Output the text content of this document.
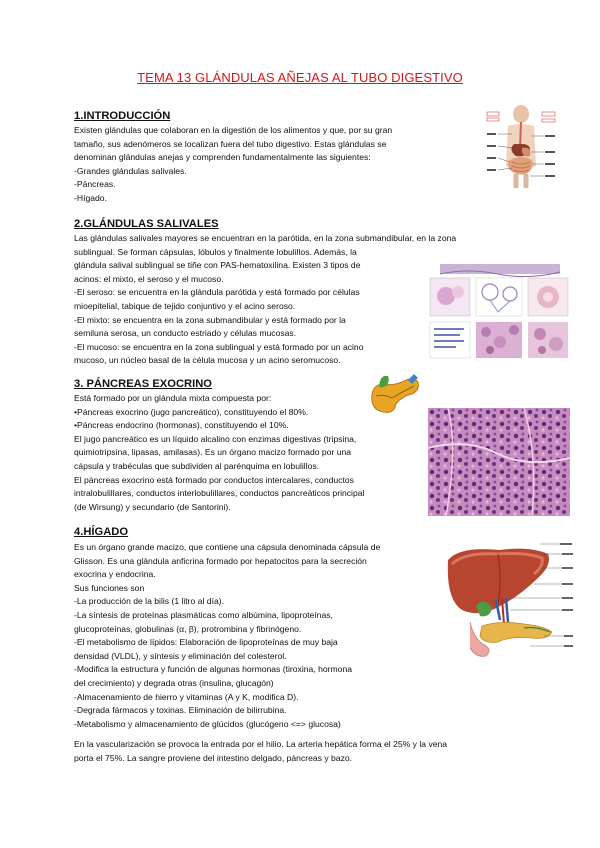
TEMA 13 GLÁNDULAS AÑEJAS AL TUBO DIGESTIVO
1.INTRODUCCIÓN
Existen glándulas que colaboran en la digestión de los alimentos y que, por su gran
tamaño, sus adenómeros se localizan fuera del tubo digestivo. Estas glándulas se
denominan glándulas anejas y comprenden fundamentalmente las siguientes:
-Grandes glándulas salivales.
-Páncreas.
-Hígado.
2.GLÁNDULAS SALIVALES
Las glándulas salivales mayores se encuentran en la parótida, en la zona submandibular, en la zona
sublingual. Se forman cápsulas, lóbulos y finalmente lobulillos. Además, la
glándula salival sublingual se tiñe con PAS-hematoxilina. Existen 3 tipos de
acinos: el mixto, el seroso y el mucoso.
-El seroso: se encuentra en la glándula parótida y está formado por células
mioepitelial, tabique de tejido conjuntivo y el acino seroso.
-El mixto: se encuentra en la zona submandibular y está formado por la
semiluna serosa, un conducto estriado y células mucosas.
-El mucoso: se encuentra en la zona sublingual y está formado por un acino
mucoso, un núcleo basal de la célula mucosa y un acino seromucoso.
3. PÁNCREAS EXOCRINO
Está formado por un glándula mixta compuesta por:
•Páncreas exocrino (jugo pancreático), constituyendo el 80%.
•Páncreas endocrino (hormonas), constituyendo el 10%.
El jugo pancreático es un líquido alcalino con enzimas digestivas (tripsina,
quimiotripsina, lipasas, amilasas). Es un órgano macizo formado por una
cápsula y trabéculas que subdividen al parénquima en lobulillos.
El páncreas exocrino está formado por conductos intercalares, conductos
intralobulillares, conductos interlobulillares, conductos pancreáticos principal
(de Wirsung) y secundario (de Santorini).
4.HÍGADO
Es un órgano grande macizo, que contiene una cápsula denominada cápsula de
Glisson. Es una glándula anficrina formado por hepatocitos para la secreción
exocrina y endocrina.
Sus funciones son
-La producción de la bilis (1 litro al día).
-La síntesis de proteínas plasmáticas como albúmina, lipoproteínas,
glucoproteínas, globulinas (α, β), protrombina y fibrinógeno.
-El metabolismo de lípidos: Elaboración de lipoproteínas de muy baja
densidad (VLDL), y síntesis y eliminación del colesterol.
-Modifica la estructura y función de algunas hormonas (tiroxina, hormona
del crecimiento) y degrada otras (insulina, glucagón)
-Almacenamiento de hierro y vitaminas (A y K, modifica D).
-Degrada fármacos y toxinas. Eliminación de bilirrubina.
-Metabolismo y almacenamiento de glúcidos (glucógeno <=> glucosa)
En la vascularización se provoca la entrada por el hilio. La arteria hepática forma el 25% y la vena
porta el 75%. La sangre proviene del intestino delgado, páncreas y bazo.
